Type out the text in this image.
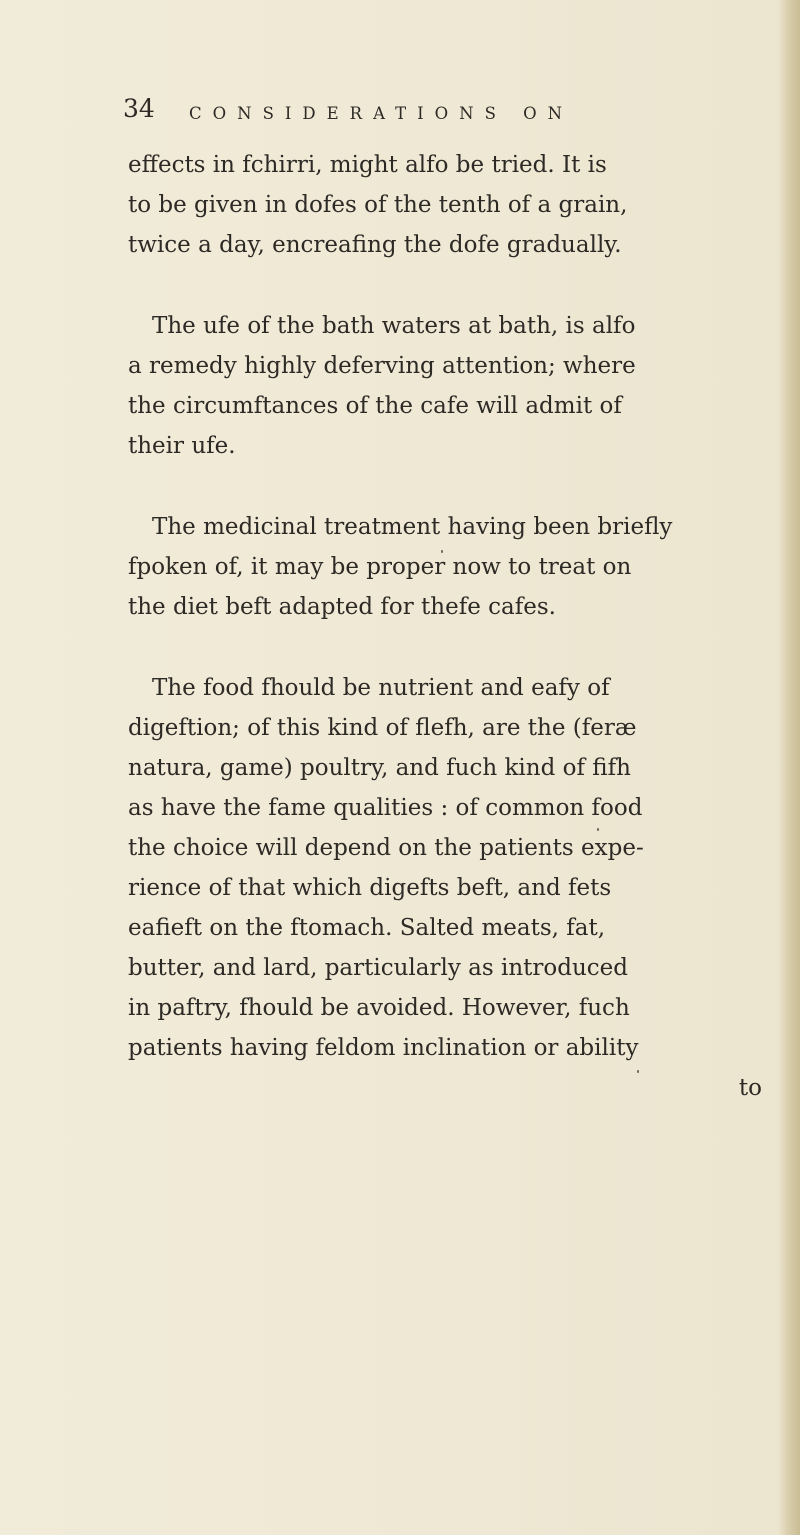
34 CONSIDERATIONS ON
effects in fchirri, might alfo be tried. It is
to be given in dofes of the tenth of a grain,
twice a day, encreafing the dofe gradually.
The ufe of the bath waters at bath, is alfo
a remedy highly deferving attention; where
the circumftances of the cafe will admit of
their ufe.
The medicinal treatment having been briefly
fpoken of, it may be proper now to treat on
the diet beft adapted for thefe cafes.
The food fhould be nutrient and eafy of
digeftion; of this kind of flefh, are the (feræ
natura, game) poultry, and fuch kind of fifh
as have the fame qualities : of common food
the choice will depend on the patients expe-
rience of that which digefts beft, and fets
eafieft on the ftomach. Salted meats, fat,
butter, and lard, particularly as introduced
in paftry, fhould be avoided. However, fuch
patients having feldom inclination or ability
to
